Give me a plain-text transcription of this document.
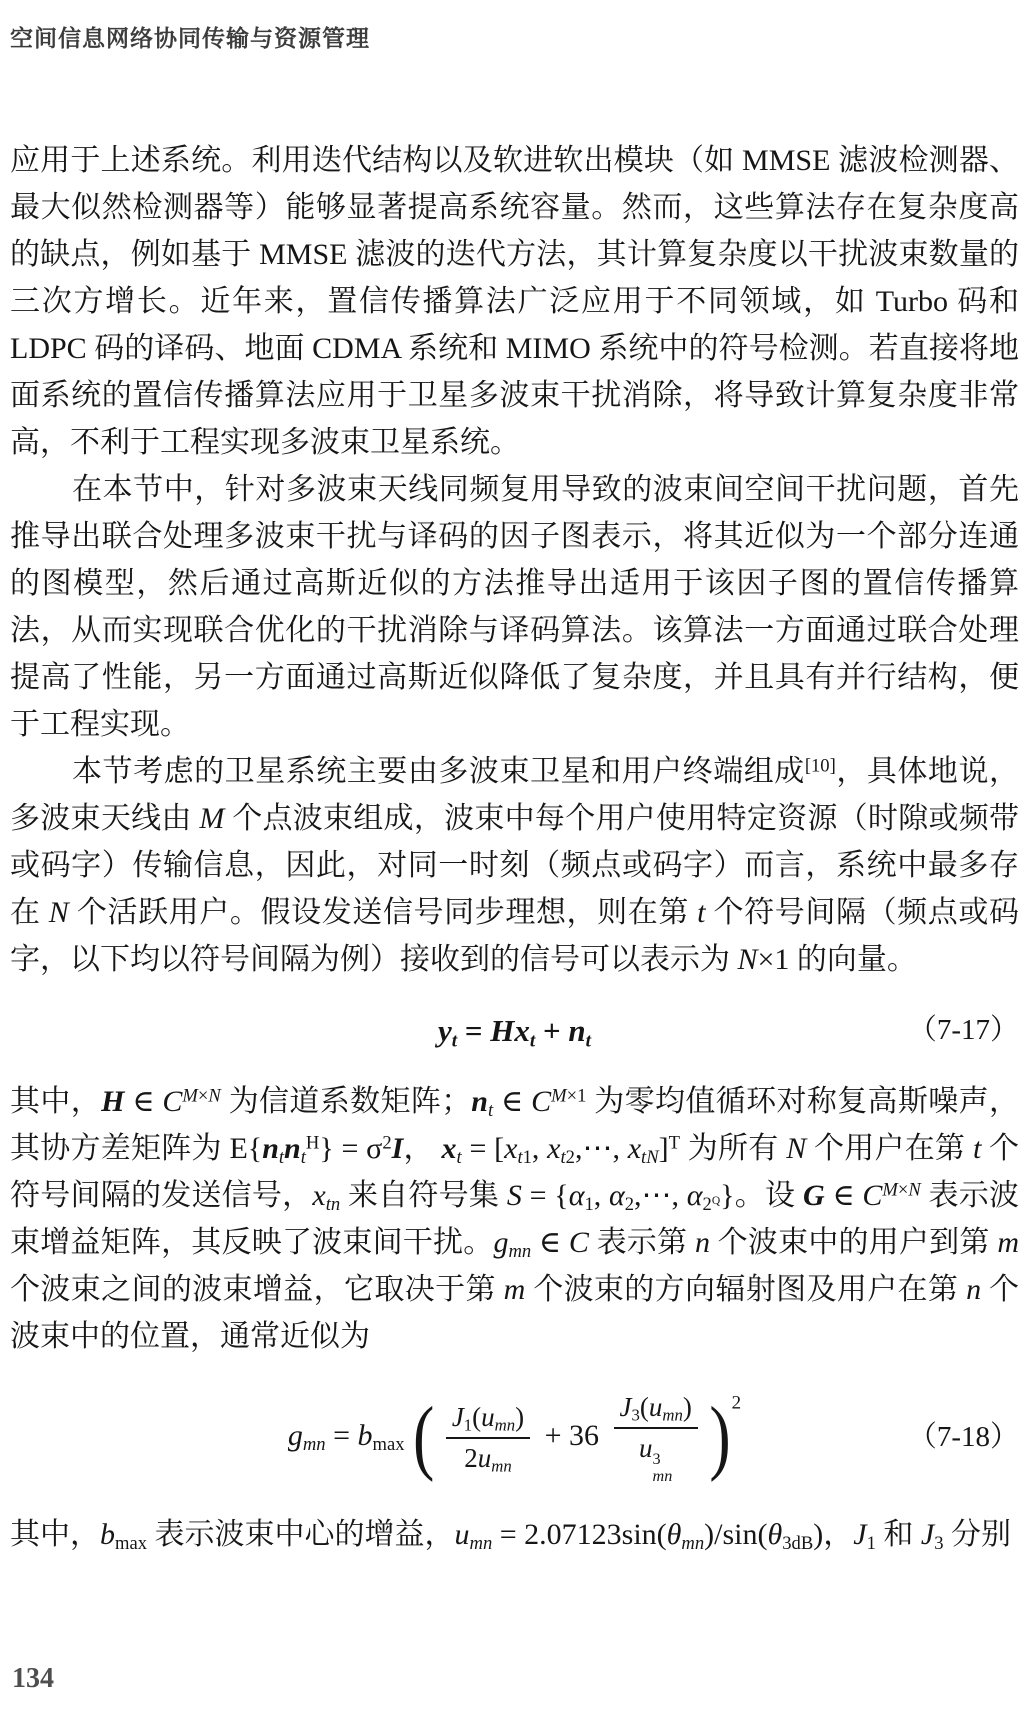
空间信息网络协同传输与资源管理

应用于上述系统。利用迭代结构以及软进软出模块（如 MMSE 滤波检测器、最大似然检测器等）能够显著提高系统容量。然而，这些算法存在复杂度高的缺点，例如基于 MMSE 滤波的迭代方法，其计算复杂度以干扰波束数量的三次方增长。近年来，置信传播算法广泛应用于不同领域，如 Turbo 码和 LDPC 码的译码、地面 CDMA 系统和 MIMO 系统中的符号检测。若直接将地面系统的置信传播算法应用于卫星多波束干扰消除，将导致计算复杂度非常高，不利于工程实现多波束卫星系统。

在本节中，针对多波束天线同频复用导致的波束间空间干扰问题，首先推导出联合处理多波束干扰与译码的因子图表示，将其近似为一个部分连通的图模型，然后通过高斯近似的方法推导出适用于该因子图的置信传播算法，从而实现联合优化的干扰消除与译码算法。该算法一方面通过联合处理提高了性能，另一方面通过高斯近似降低了复杂度，并且具有并行结构，便于工程实现。

本节考虑的卫星系统主要由多波束卫星和用户终端组成[10]，具体地说，多波束天线由 M 个点波束组成，波束中每个用户使用特定资源（时隙或频带或码字）传输信息，因此，对同一时刻（频点或码字）而言，系统中最多存在 N 个活跃用户。假设发送信号同步理想，则在第 t 个符号间隔（频点或码字，以下均以符号间隔为例）接收到的信号可以表示为 N×1 的向量。

$y_t = Hx_t + n_t$	（7-17）

其中，H ∈ $C^{M\times N}$ 为信道系数矩阵；$n_t$ ∈ $C^{M\times 1}$ 为零均值循环对称复高斯噪声，其协方差矩阵为 $E\{n_tn_t^H\} = \sigma^2I$， $x_t = [x_{t1}$, $x_{t2},\cdots$, $x_{tN}]^T$ 为所有 N 个用户在第 t 个符号间隔的发送信号，$x_{tn}$ 来自符号集 $S = \{\alpha_1$, $\alpha_2,\cdots$, $\alpha_{2^Q}$}。设 G ∈ $C^{M\times N}$ 表示波束增益矩阵，其反映了波束间干扰。$g_{mn}$ ∈ C 表示第 n 个波束中的用户到第 m 个波束之间的波束增益，它取决于第 m 个波束的方向辐射图及用户在第 n 个波束中的位置，通常近似为

$g_{mn} = b_{max}$ ( $\frac{J_1(u_{mn})}{2u_{mn}} + 36$ $J_3(u_{mn})$
u 3
mn )$^2$
（7-18）

其中，$b_{max}$ 表示波束中心的增益，$u_{mn} = 2.07123\sin(\theta_{mn})/\sin(\theta_{3dB})$，$J_1$ 和 $J_3$ 分别

134
